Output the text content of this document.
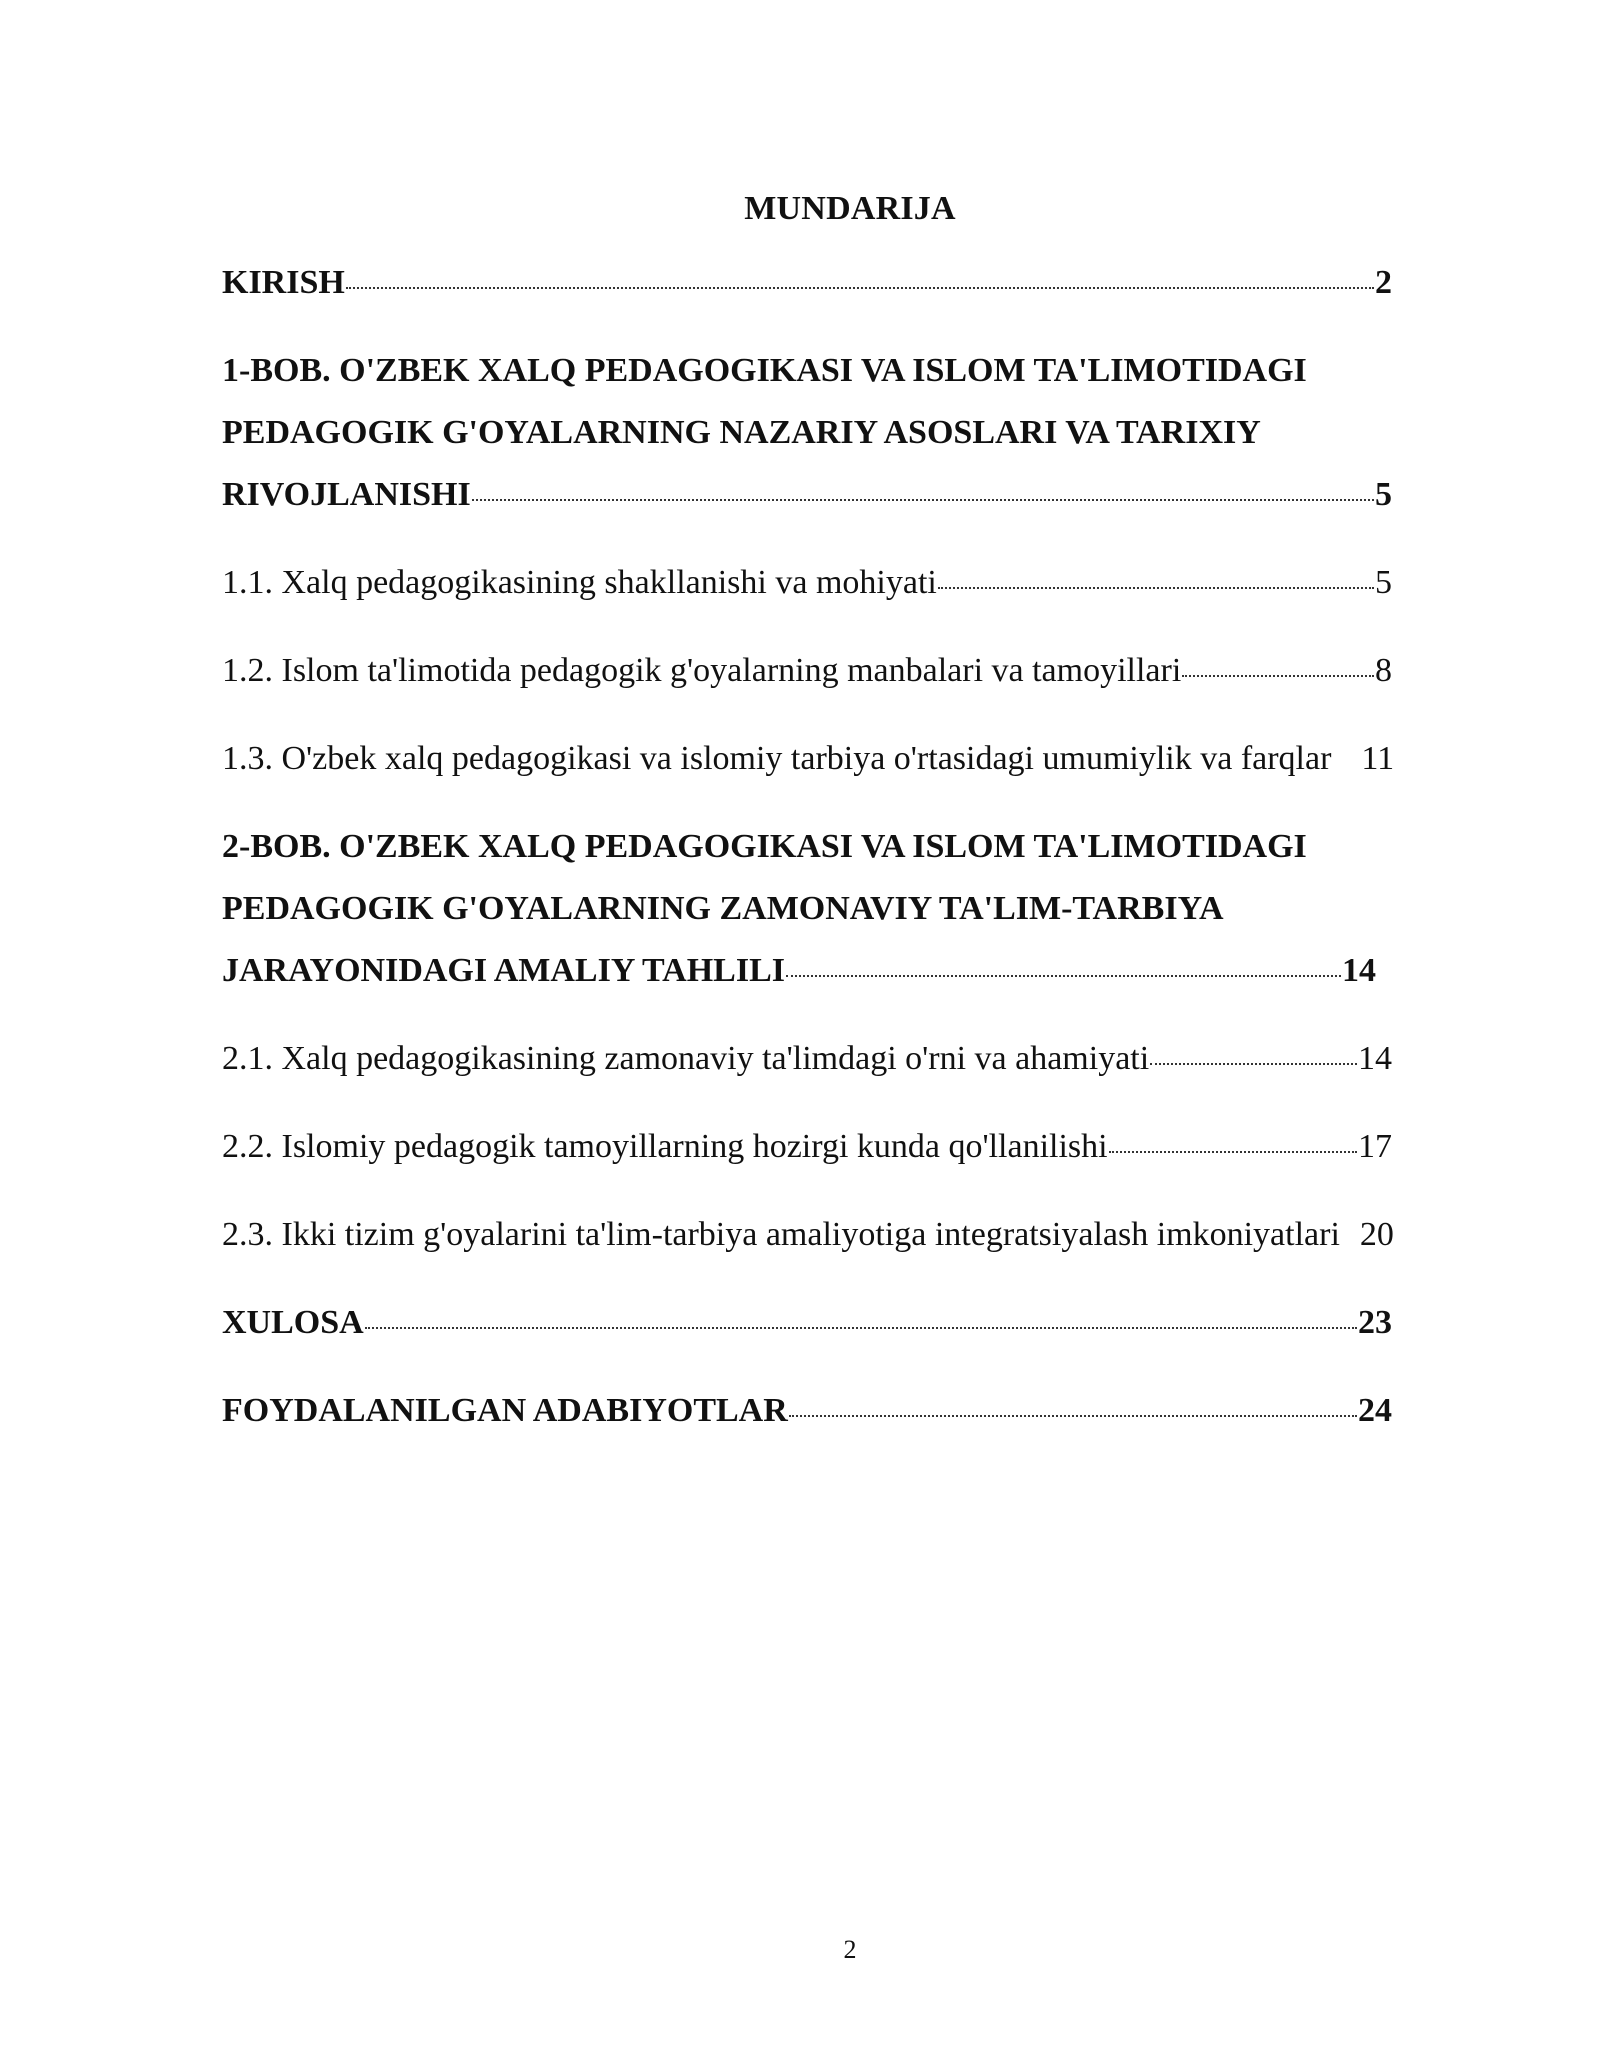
MUNDARIJA
KIRISH	2
1-BOB. O'ZBEK XALQ PEDAGOGIKASI VA ISLOM TA'LIMOTIDAGI
PEDAGOGIK G'OYALARNING NAZARIY ASOSLARI VA TARIXIY
RIVOJLANISHI	5
1.1. Xalq pedagogikasining shakllanishi va mohiyati	5
1.2. Islom ta'limotida pedagogik g'oyalarning manbalari va tamoyillari	8
1.3. O'zbek xalq pedagogikasi va islomiy tarbiya o'rtasidagi umumiylik va farqlar 11
2-BOB. O'ZBEK XALQ PEDAGOGIKASI VA ISLOM TA'LIMOTIDAGI
PEDAGOGIK G'OYALARNING ZAMONAVIY TA'LIM-TARBIYA
JARAYONIDAGI AMALIY TAHLILI	14
2.1. Xalq pedagogikasining zamonaviy ta'limdagi o'rni va ahamiyati	14
2.2. Islomiy pedagogik tamoyillarning hozirgi kunda qo'llanilishi	17
2.3. Ikki tizim g'oyalarini ta'lim-tarbiya amaliyotiga integratsiyalash imkoniyatlari 20
XULOSA	23
FOYDALANILGAN ADABIYOTLAR	24
2
